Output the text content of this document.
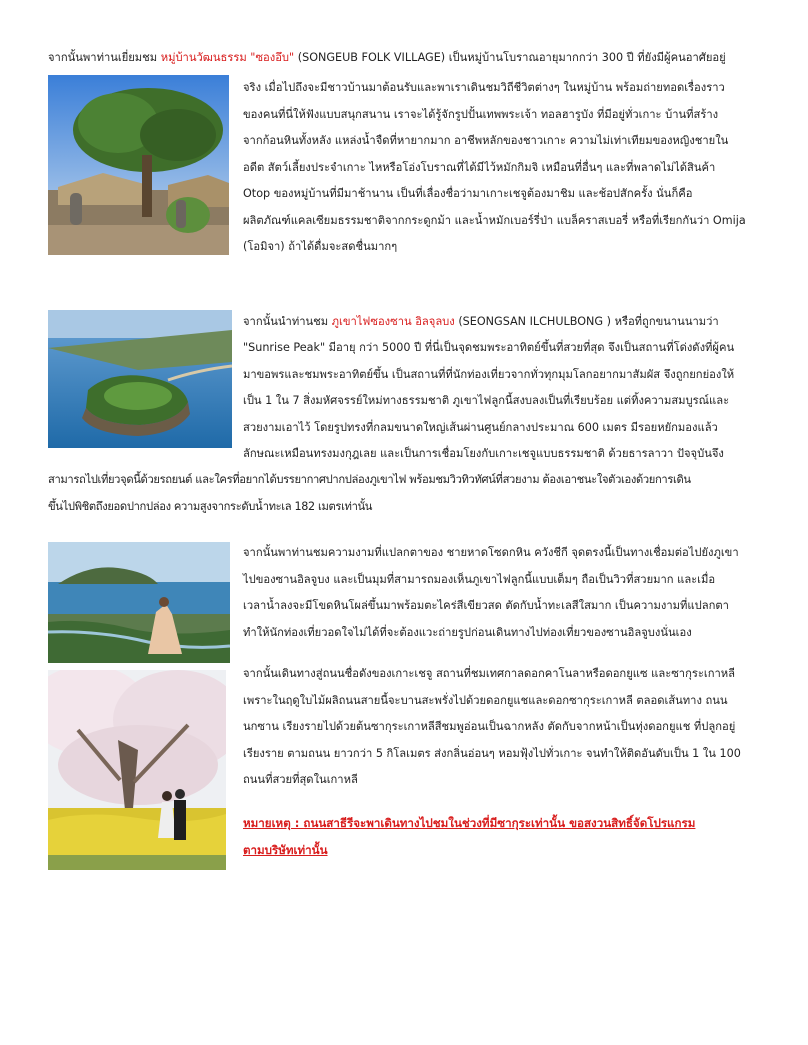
จากนั้นพาท่านเยี่ยมชม หมู่บ้านวัฒนธรรม "ซองอึบ" (SONGEUB FOLK VILLAGE) เป็นหมู่บ้านโบราณอายุมากกว่า 300 ปี ที่ยังมีผู้คนอาศัยอยู่
จริง เมื่อไปถึงจะมีชาวบ้านมาต้อนรับและพาเราเดินชมวิถีชีวิตต่างๆ ในหมู่บ้าน พร้อมถ่ายทอดเรื่องราว
ของคนที่นี่ให้ฟังแบบสนุกสนาน เราจะได้รู้จักรูปปั้นเทพพระเจ้า ทอลฮารูบัง ที่มีอยู่ทั่วเกาะ บ้านที่สร้าง
จากก้อนหินทั้งหลัง แหล่งน้ำจืดที่หายากมาก อาชีพหลักของชาวเกาะ ความไม่เท่าเทียมของหญิงชายใน
อดีต สัตว์เลี้ยงประจำเกาะ ไหหรือโอ่งโบราณที่ได้มีไว้หมักกิมจิ เหมือนที่อื่นๆ และที่พลาดไม่ได้สินค้า
Otop ของหมู่บ้านที่มีมาช้านาน เป็นที่เลื่องชื่อว่ามาเกาะเชจูต้องมาชิม และช้อปสักครั้ง นั่นก็คือ
ผลิตภัณฑ์แคลเซียมธรรมชาติจากกระดูกม้า และน้ำหมักเบอร์รี่ป่า แบล็คราสเบอรี่ หรือที่เรียกกันว่า Omija
(โอมิจา) ถ้าได้ดื่มจะสดชื่นมากๆ
จากนั้นนำท่านชม ภูเขาไฟซองซาน อิลจุลบง (SEONGSAN ILCHULBONG ) หรือที่ถูกขนานนามว่า
"Sunrise Peak" มีอายุ กว่า 5000 ปี ที่นี่เป็นจุดชมพระอาทิตย์ขึ้นที่สวยที่สุด จึงเป็นสถานที่โด่งดังที่ผู้คน
มาขอพรและชมพระอาทิตย์ขึ้น เป็นสถานที่ที่นักท่องเที่ยวจากทั่วทุกมุมโลกอยากมาสัมผัส จึงถูกยกย่องให้
เป็น 1 ใน 7 สิ่งมหัศจรรย์ใหม่ทางธรรมชาติ ภูเขาไฟลูกนี้สงบลงเป็นที่เรียบร้อย แต่ทิ้งความสมบูรณ์และ
สวยงามเอาไว้ โดยรูปทรงที่กลมขนาดใหญ่เส้นผ่านศูนย์กลางประมาณ 600 เมตร มีรอยหยักมองแล้ว
ลักษณะเหมือนทรงมงกุฎเลย และเป็นการเชื่อมโยงกับเกาะเชจูแบบธรรมชาติ ด้วยธารลาวา ปัจจุบันจึง
สามารถไปเที่ยวจุดนี้ด้วยรถยนต์ และใครที่อยากได้บรรยากาศปากปล่องภูเขาไฟ พร้อมชมวิวทิวทัศน์ที่สวยงาม ต้องเอาชนะใจตัวเองด้วยการเดิน
ขึ้นไปพิชิตถึงยอดปากปล่อง ความสูงจากระดับน้ำทะเล 182 เมตรเท่านั้น
จากนั้นพาท่านชมความงามที่แปลกตาของ ชายหาดโซดกหิน ควังชีกี จุดตรงนี้เป็นทางเชื่อมต่อไปยังภูเขา
ไปของซานอิลจูบง และเป็นมุมที่สามารถมองเห็นภูเขาไฟลูกนี้แบบเต็มๆ ถือเป็นวิวที่สวยมาก และเมื่อ
เวลาน้ำลงจะมีโขดหินโผล่ขึ้นมาพร้อมตะไคร่สีเขียวสด ตัดกับน้ำทะเลสีใสมาก เป็นความงามที่แปลกตา
ทำให้นักท่องเที่ยวอดใจไม่ได้ที่จะต้องแวะถ่ายรูปก่อนเดินทางไปท่องเที่ยวของซานอิลจูบงนั่นเอง
จากนั้นเดินทางสู่ถนนชื่อดังของเกาะเชจู สถานที่ชมเทศกาลดอกคาโนลาหรือดอกยูแซ และซากุระเกาหลี
เพราะในฤดูใบไม้ผลิถนนสายนี้จะบานสะพรั่งไปด้วยดอกยูแชและดอกซากุระเกาหลี ตลอดเส้นทาง ถนน
นกซาน เรียงรายไปด้วยต้นซากุระเกาหลีสีชมพูอ่อนเป็นฉากหลัง ตัดกับจากหน้าเป็นทุ่งดอกยูแช ที่ปลูกอยู่
เรียงราย ตามถนน ยาวกว่า 5 กิโลเมตร ส่งกลิ่นอ่อนๆ หอมฟุ้งไปทั่วเกาะ จนทำให้ติดอันดับเป็น 1 ใน 100
ถนนที่สวยที่สุดในเกาหลี
หมายเหตุ : ถนนสาธีรีจะพาเดินทางไปชมในช่วงที่มีซากุระเท่านั้น ขอสงวนสิทธิ์จัดโปรแกรม
ตามบริษัทเท่านั้น
